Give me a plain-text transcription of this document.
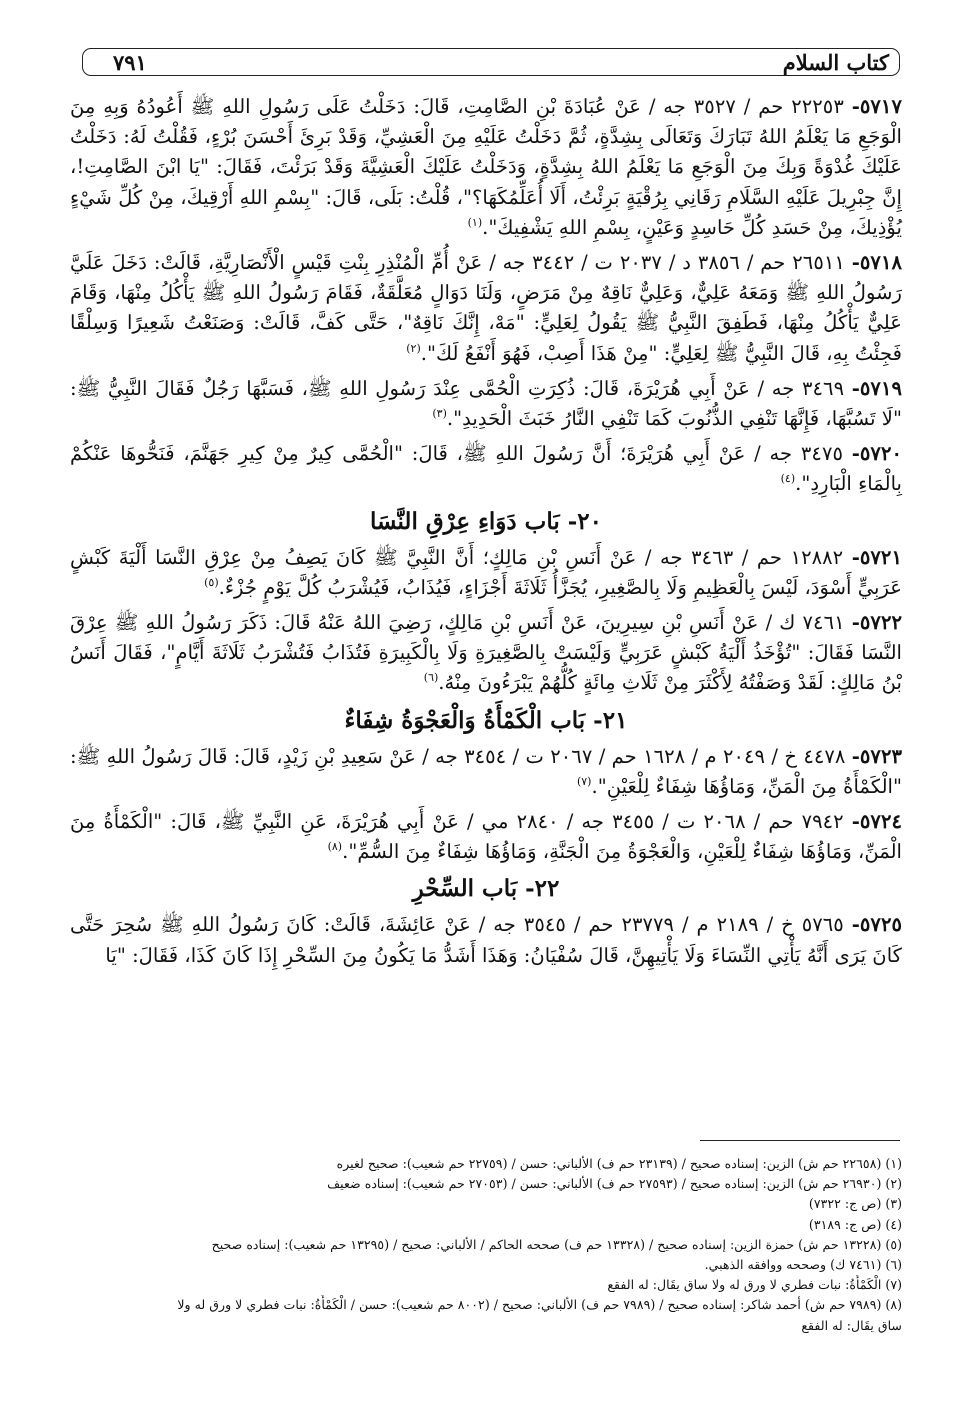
كتاب السلام
٧٩١

٥٧١٧- ٢٢٢٥٣ حم / ٣٥٢٧ جه / عَنْ عُبَادَةَ بْنِ الصَّامِتِ، قَالَ: دَخَلْتُ عَلَى رَسُولِ اللهِ ﷺ أَعُودُهُ وَبِهِ مِنَ الْوَجَعِ مَا يَعْلَمُ اللهُ تَبَارَكَ وَتَعَالَى بِشِدَّةٍ، ثُمَّ دَخَلْتُ عَلَيْهِ مِنَ الْعَشِيِّ، وَقَدْ بَرِئَ أَحْسَنَ بُرْءٍ، فَقُلْتُ لَهُ: دَخَلْتُ عَلَيْكَ غُدْوَةً وَبِكَ مِنَ الْوَجَعِ مَا يَعْلَمُ اللهُ بِشِدَّةٍ، وَدَخَلْتُ عَلَيْكَ الْعَشِيَّةَ وَقَدْ بَرَئْتَ، فَقَالَ: "يَا ابْنَ الصَّامِتِ!، إِنَّ جِبْرِيلَ عَلَيْهِ السَّلَامِ رَقَانِي بِرُقْيَةٍ بَرِئْتُ، أَلَا أُعَلِّمُكَهَا؟"، قُلْتُ: بَلَى، قَالَ: "بِسْمِ اللهِ أَرْقِيكَ، مِنْ كُلِّ شَيْءٍ يُؤْذِيكَ، مِنْ حَسَدِ كُلِّ حَاسِدٍ وَعَيْنٍ، بِسْمِ اللهِ يَشْفِيكَ".$^{(١)}$

٥٧١٨- ٢٦٥١١ حم / ٣٨٥٦ د / ٢٠٣٧ ت / ٣٤٤٢ جه / عَنْ أُمِّ الْمُنْذِرِ بِنْتِ قَيْسٍ الْأَنْصَارِيَّةِ، قَالَتْ: دَخَلَ عَلَيَّ رَسُولُ اللهِ ﷺ وَمَعَهُ عَلِيٌّ، وَعَلِيٌّ نَاقِهٌ مِنْ مَرَضٍ، وَلَنَا دَوَالٍ مُعَلَّقَةٌ، فَقَامَ رَسُولُ اللهِ ﷺ يَأْكُلُ مِنْهَا، وَقَامَ عَلِيٌّ يَأْكُلُ مِنْهَا، فَطَفِقَ النَّبِيُّ ﷺ يَقُولُ لِعَلِيٍّ: "مَهْ، إِنَّكَ نَاقِهٌ"، حَتَّى كَفَّ، قَالَتْ: وَصَنَعْتُ شَعِيرًا وَسِلْقًا فَجِئْتُ بِهِ، قَالَ النَّبِيُّ ﷺ لِعَلِيٍّ: "مِنْ هَذَا أَصِبْ، فَهُوَ أَنْفَعُ لَكَ".$^{(٢)}$

٥٧١٩- ٣٤٦٩ جه / عَنْ أَبِي هُرَيْرَةَ، قَالَ: ذُكِرَتِ الْحُمَّى عِنْدَ رَسُولِ اللهِ ﷺ، فَسَبَّهَا رَجُلٌ فَقَالَ النَّبِيُّ ﷺ: "لَا تَسُبَّهَا، فَإِنَّهَا تَنْفِي الذُّنُوبَ كَمَا تَنْفِي النَّارُ خَبَثَ الْحَدِيدِ".$^{(٣)}$

٥٧٢٠- ٣٤٧٥ جه / عَنْ أَبِي هُرَيْرَةَ؛ أَنَّ رَسُولَ اللهِ ﷺ، قَالَ: "الْحُمَّى كِيرٌ مِنْ كِيرِ جَهَنَّمَ، فَنَحُّوهَا عَنْكُمْ بِالْمَاءِ الْبَارِدِ".$^{(٤)}$

٢٠- بَاب دَوَاءِ عِرْقِ النَّسَا

٥٧٢١- ١٢٨٨٢ حم / ٣٤٦٣ جه / عَنْ أَنَسِ بْنِ مَالِكٍ؛ أَنَّ النَّبِيَّ ﷺ كَانَ يَصِفُ مِنْ عِرْقِ النَّسَا أَلْيَةَ كَبْشٍ عَرَبِيٍّ أَسْوَدَ، لَيْسَ بِالْعَظِيمِ وَلَا بِالصَّغِيرِ، يُجَزَّأُ ثَلَاثَةَ أَجْزَاءٍ، فَيُذَابُ، فَيُشْرَبُ كُلَّ يَوْمٍ جُزْءٌ.$^{(٥)}$

٥٧٢٢- ٧٤٦١ ك / عَنْ أَنَسِ بْنِ سِيرِينَ، عَنْ أَنَسِ بْنِ مَالِكٍ، رَضِيَ اللهُ عَنْهُ قَالَ: ذَكَرَ رَسُولُ اللهِ ﷺ عِرْقَ النَّسَا فَقَالَ: "تُؤْخَذُ أَلْيَةُ كَبْشٍ عَرَبِيٍّ وَلَيْسَتْ بِالصَّغِيرَةِ وَلَا بِالْكَبِيرَةِ فَتُذَابُ فَتُشْرَبُ ثَلَاثَةَ أَيَّامٍ"، فَقَالَ أَنَسُ بْنُ مَالِكٍ: لَقَدْ وَصَفْتُهُ لِأَكْثَرَ مِنْ ثَلَاثِ مِائَةٍ كُلُّهُمْ يَبْرَءُونَ مِنْهُ.$^{(٦)}$

٢١- بَاب الْكَمْأَةُ وَالْعَجْوَةُ شِفَاءٌ

٥٧٢٣- ٤٤٧٨ خ / ٢٠٤٩ م / ١٦٢٨ حم / ٢٠٦٧ ت / ٣٤٥٤ جه / عَنْ سَعِيدِ بْنِ زَيْدٍ، قَالَ: قَالَ رَسُولُ اللهِ ﷺ: "الْكَمْأَةُ مِنَ الْمَنِّ، وَمَاؤُهَا شِفَاءٌ لِلْعَيْنِ".$^{(٧)}$

٥٧٢٤- ٧٩٤٢ حم / ٢٠٦٨ ت / ٣٤٥٥ جه / ٢٨٤٠ مي / عَنْ أَبِي هُرَيْرَةَ، عَنِ النَّبِيِّ ﷺ، قَالَ: "الْكَمْأَةُ مِنَ الْمَنِّ، وَمَاؤُهَا شِفَاءٌ لِلْعَيْنِ، وَالْعَجْوَةُ مِنَ الْجَنَّةِ، وَمَاؤُهَا شِفَاءٌ مِنَ السُّمِّ".$^{(٨)}$

٢٢- بَاب السِّحْرِ

٥٧٢٥- ٥٧٦٥ خ / ٢١٨٩ م / ٢٣٧٧٩ حم / ٣٥٤٥ جه / عَنْ عَائِشَةَ، قَالَتْ: كَانَ رَسُولُ اللهِ ﷺ سُحِرَ حَتَّى كَانَ يَرَى أَنَّهُ يَأْتِي النِّسَاءَ وَلَا يَأْتِيهِنَّ، قَالَ سُفْيَانُ: وَهَذَا أَشَدُّ مَا يَكُونُ مِنَ السِّحْرِ إِذَا كَانَ كَذَا، فَقَالَ: "يَا

(١) (٢٢٦٥٨ حم ش) الزين: إسناده صحيح / (٢٣١٣٩ حم ف) الألباني: حسن / (٢٢٧٥٩ حم شعيب): صحيح لغيره
(٢) (٢٦٩٣٠ حم ش) الزين: إسناده صحيح / (٢٧٥٩٣ حم ف) الألباني: حسن / (٢٧٠٥٣ حم شعيب): إسناده ضعيف
(٣) (ص ج: ٧٣٢٢)
(٤) (ص ج: ٣١٨٩)
(٥) (١٣٢٢٨ حم ش) حمزة الزين: إسناده صحيح / (١٣٣٢٨ حم ف) صححه الحاكم / الألباني: صحيح / (١٣٢٩٥ حم شعيب): إسناده صحيح
(٦) (٧٤٦١ ك) وصححه ووافقه الذهبي.
(٧) الْكَمْأَةُ: نبات فطري لا ورق له ولا ساق يقَال: له الفقع
(٨) (٧٩٨٩ حم ش) أحمد شاكر: إسناده صحيح / (٧٩٨٩ حم ف) الألباني: صحيح / (٨٠٠٢ حم شعيب): حسن / الْكَمْأَةُ: نبات فطري لا ورق له ولا
ساق يقَال: له الفقع
